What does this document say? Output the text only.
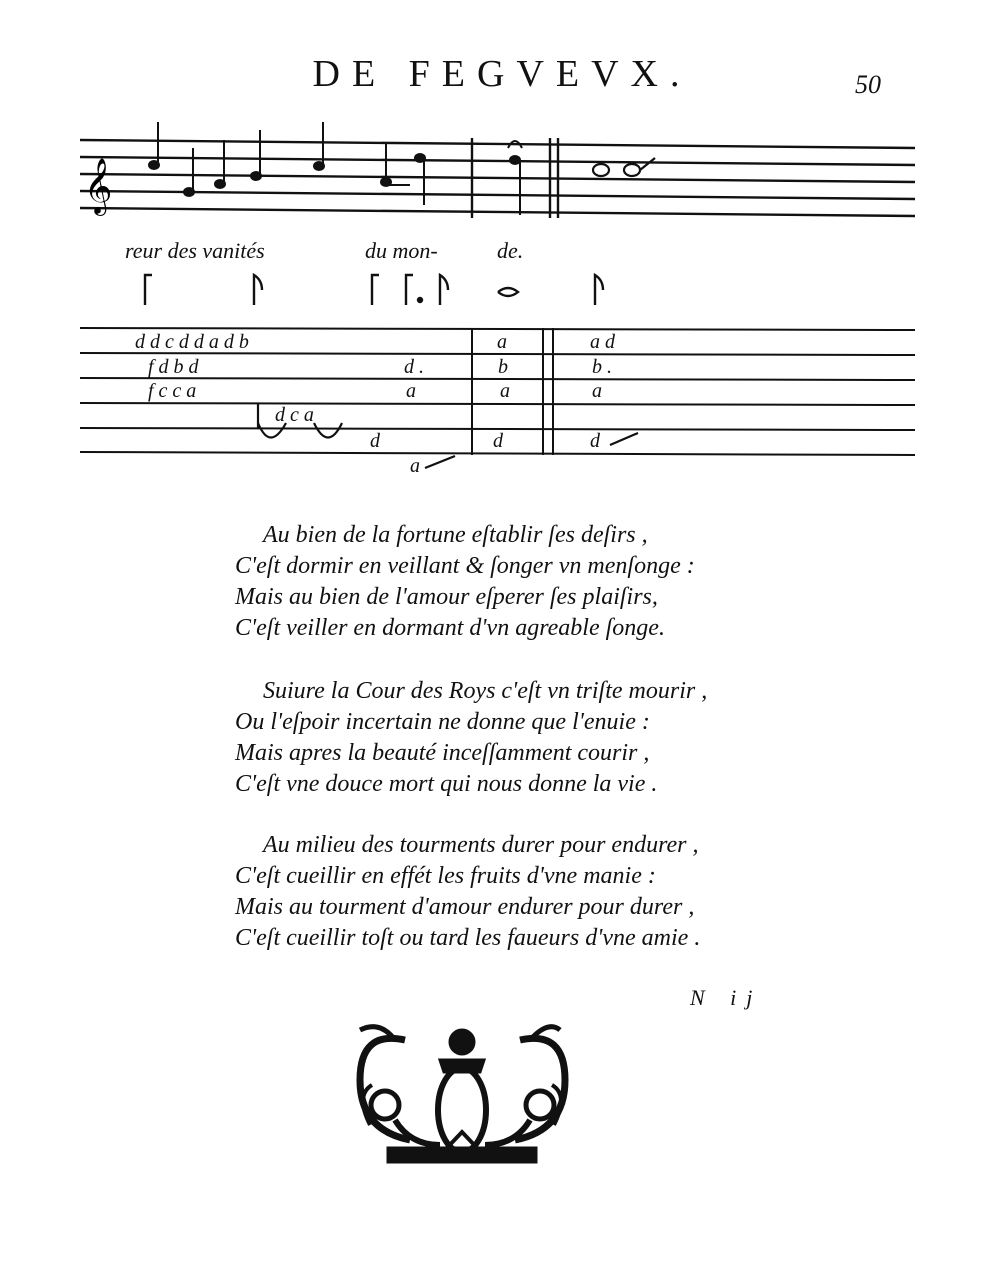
DE FEGVEVX.	50
𝄞
d d c d d a d b	a	a d
f d b d	d .	b	b .
f c c a	a	a	a
d c a
d	d	d
a
reur des vanités	du mon-	de.
Au bien de la fortune eſtablir ſes deſirs ,
C'eſt dormir en veillant & ſonger vn menſonge :
Mais au bien de l'amour eſperer ſes plaiſirs,
C'eſt veiller en dormant d'vn agreable ſonge.
Suiure la Cour des Roys c'eſt vn triſte mourir ,
Ou l'eſpoir incertain ne donne que l'enuie :
Mais apres la beauté inceſſamment courir ,
C'eſt vne douce mort qui nous donne la vie .
Au milieu des tourments durer pour endurer ,
C'eſt cueillir en effét les fruits d'vne manie :
Mais au tourment d'amour endurer pour durer ,
C'eſt cueillir toſt ou tard les faueurs d'vne amie .
N ij
